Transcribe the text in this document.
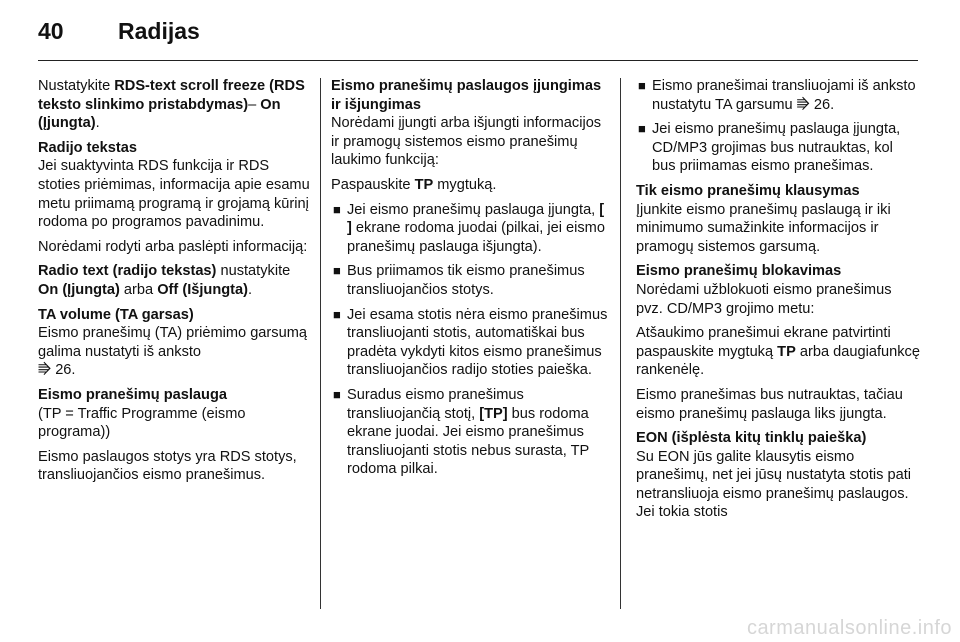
40 Radijas

Nustatykite RDS-text scroll freeze (RDS teksto slinkimo pristabdymas)– On (Įjungta).

Radijo tekstas

Jei suaktyvinta RDS funkcija ir RDS stoties priėmimas, informacija apie esamu metu priimamą programą ir grojamą kūrinį rodoma po programos pavadinimu.

Norėdami rodyti arba paslėpti informaciją:

Radio text (radijo tekstas) nustatykite On (Įjungta) arba Off (Išjungta).

TA volume (TA garsas)

Eismo pranešimų (TA) priėmimo garsumą galima nustatyti iš anksto
⭆ 26.

Eismo pranešimų paslauga

(TP = Traffic Programme (eismo programa))

Eismo paslaugos stotys yra RDS stotys, transliuojančios eismo pranešimus.

Eismo pranešimų paslaugos įjungimas ir išjungimas

Norėdami įjungti arba išjungti informacijos ir pramogų sistemos eismo pranešimų laukimo funkciją:

Paspauskite TP mygtuką.

■ Jei eismo pranešimų paslauga įjungta, [ ] ekrane rodoma juodai (pilkai, jei eismo pranešimų paslauga išjungta).
■ Bus priimamos tik eismo pranešimus transliuojančios stotys.
■ Jei esama stotis nėra eismo pranešimus transliuojanti stotis, automatiškai bus pradėta vykdyti kitos eismo pranešimus transliuojančios radijo stoties paieška.
■ Suradus eismo pranešimus transliuojančią stotį, [TP] bus rodoma ekrane juodai. Jei eismo pranešimus transliuojanti stotis nebus surasta, TP rodoma pilkai.
■ Eismo pranešimai transliuojami iš anksto nustatytu TA garsumu ⭆ 26.
■ Jei eismo pranešimų paslauga įjungta, CD/MP3 grojimas bus nutrauktas, kol bus priimamas eismo pranešimas.
Tik eismo pranešimų klausymas

Įjunkite eismo pranešimų paslaugą ir iki minimumo sumažinkite informacijos ir pramogų sistemos garsumą.

Eismo pranešimų blokavimas

Norėdami užblokuoti eismo pranešimus pvz. CD/MP3 grojimo metu:

Atšaukimo pranešimui ekrane patvirtinti paspauskite mygtuką TP arba daugiafunkcę rankenėlę.

Eismo pranešimas bus nutrauktas, tačiau eismo pranešimų paslauga liks įjungta.

EON (išplėsta kitų tinklų paieška)

Su EON jūs galite klausytis eismo pranešimų, net jei jūsų nustatyta stotis pati netransliuoja eismo pranešimų paslaugos. Jei tokia stotis

carmanualsonline.info
